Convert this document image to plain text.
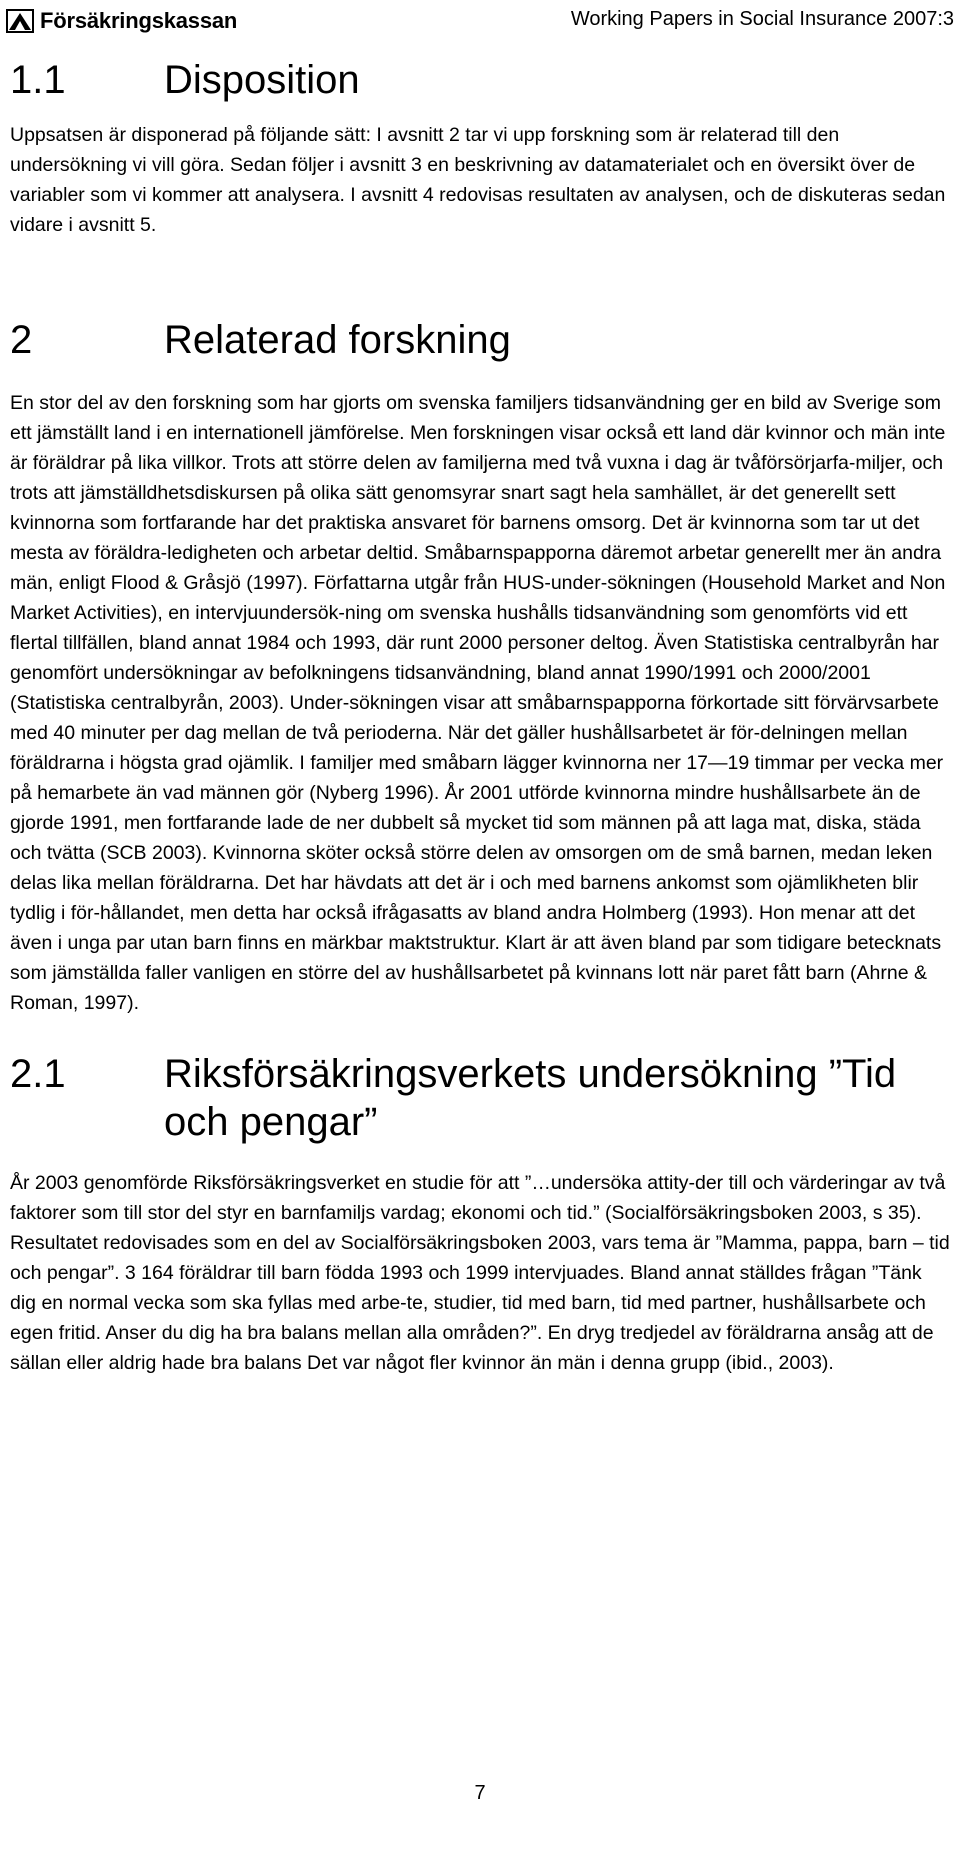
Försäkringskassan	Working Papers in Social Insurance 2007:3
1.1	Disposition

Uppsatsen är disponerad på följande sätt: I avsnitt 2 tar vi upp forskning som är relaterad till den undersökning vi vill göra. Sedan följer i avsnitt 3 en beskrivning av datamaterialet och en översikt över de variabler som vi kommer att analysera. I avsnitt 4 redovisas resultaten av analysen, och de diskuteras sedan vidare i avsnitt 5.

2	Relaterad forskning

En stor del av den forskning som har gjorts om svenska familjers tidsanvändning ger en bild av Sverige som ett jämställt land i en internationell jämförelse. Men forskningen visar också ett land där kvinnor och män inte är föräldrar på lika villkor. Trots att större delen av familjerna med två vuxna i dag är tvåförsörjarfa-miljer, och trots att jämställdhetsdiskursen på olika sätt genomsyrar snart sagt hela samhället, är det generellt sett kvinnorna som fortfarande har det praktiska ansvaret för barnens omsorg. Det är kvinnorna som tar ut det mesta av föräldra-ledigheten och arbetar deltid. Småbarnspapporna däremot arbetar generellt mer än andra män, enligt Flood & Gråsjö (1997). Författarna utgår från HUS-under-sökningen (Household Market and Non Market Activities), en intervjuundersök-ning om svenska hushålls tidsanvändning som genomförts vid ett flertal tillfällen, bland annat 1984 och 1993, där runt 2000 personer deltog. Även Statistiska centralbyrån har genomfört undersökningar av befolkningens tidsanvändning, bland annat 1990/1991 och 2000/2001 (Statistiska centralbyrån, 2003). Under-sökningen visar att småbarnspapporna förkortade sitt förvärvsarbete med 40 minuter per dag mellan de två perioderna. När det gäller hushållsarbetet är för-delningen mellan föräldrarna i högsta grad ojämlik. I familjer med småbarn lägger kvinnorna ner 17—19 timmar per vecka mer på hemarbete än vad männen gör (Nyberg 1996). År 2001 utförde kvinnorna mindre hushållsarbete än de gjorde 1991, men fortfarande lade de ner dubbelt så mycket tid som männen på att laga mat, diska, städa och tvätta (SCB 2003). Kvinnorna sköter också större delen av omsorgen om de små barnen, medan leken delas lika mellan föräldrarna. Det har hävdats att det är i och med barnens ankomst som ojämlikheten blir tydlig i för-hållandet, men detta har också ifrågasatts av bland andra Holmberg (1993). Hon menar att det även i unga par utan barn finns en märkbar maktstruktur. Klart är att även bland par som tidigare betecknats som jämställda faller vanligen en större del av hushållsarbetet på kvinnans lott när paret fått barn (Ahrne & Roman, 1997).

2.1	Riksförsäkringsverkets undersökning ”Tid och pengar”

År 2003 genomförde Riksförsäkringsverket en studie för att ”…undersöka attity-der till och värderingar av två faktorer som till stor del styr en barnfamiljs vardag; ekonomi och tid.” (Socialförsäkringsboken 2003, s 35). Resultatet redovisades som en del av Socialförsäkringsboken 2003, vars tema är ”Mamma, pappa, barn – tid och pengar”. 3 164 föräldrar till barn födda 1993 och 1999 intervjuades. Bland annat ställdes frågan ”Tänk dig en normal vecka som ska fyllas med arbe-te, studier, tid med barn, tid med partner, hushållsarbete och egen fritid. Anser du dig ha bra balans mellan alla områden?”. En dryg tredjedel av föräldrarna ansåg att de sällan eller aldrig hade bra balans Det var något fler kvinnor än män i denna grupp (ibid., 2003).

7
